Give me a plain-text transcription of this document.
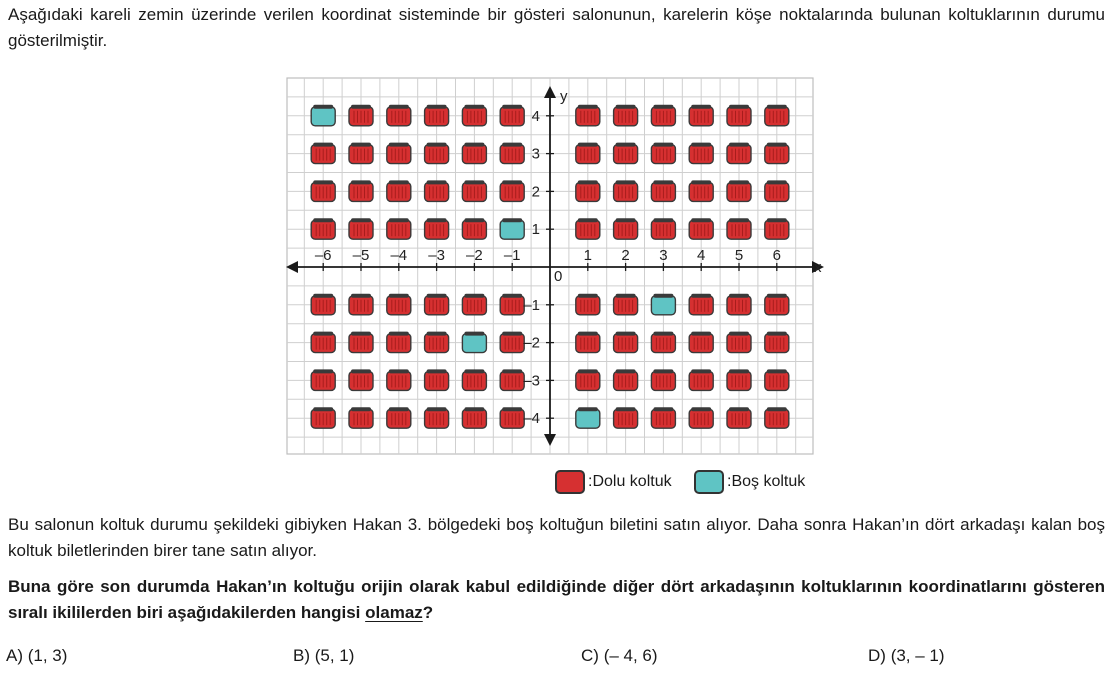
Aşağıdaki kareli zemin üzerinde verilen koordinat sisteminde bir gösteri salonunun, karelerin köşe noktalarında bulunan koltuklarının durumu gösterilmiştir.

–6 –5 –4 –3 –2 –1	1 2 3 4 5 6
1
2
3
4
–1
–2
–3
–4
0
x
y
:Dolu koltuk	:Boş koltuk

Bu salonun koltuk durumu şekildeki gibiyken Hakan 3. bölgedeki boş koltuğun biletini satın alıyor. Daha sonra Hakan’ın dört arkadaşı kalan boş koltuk biletlerinden birer tane satın alıyor.

Buna göre son durumda Hakan’ın koltuğu orijin olarak kabul edildiğinde diğer dört arkadaşının koltuklarının koordinatlarını gösteren sıralı ikililerden biri aşağıdakilerden hangisi olamaz?

A) (1, 3)	B) (5, 1)	C) (– 4, 6)	D) (3, – 1)
